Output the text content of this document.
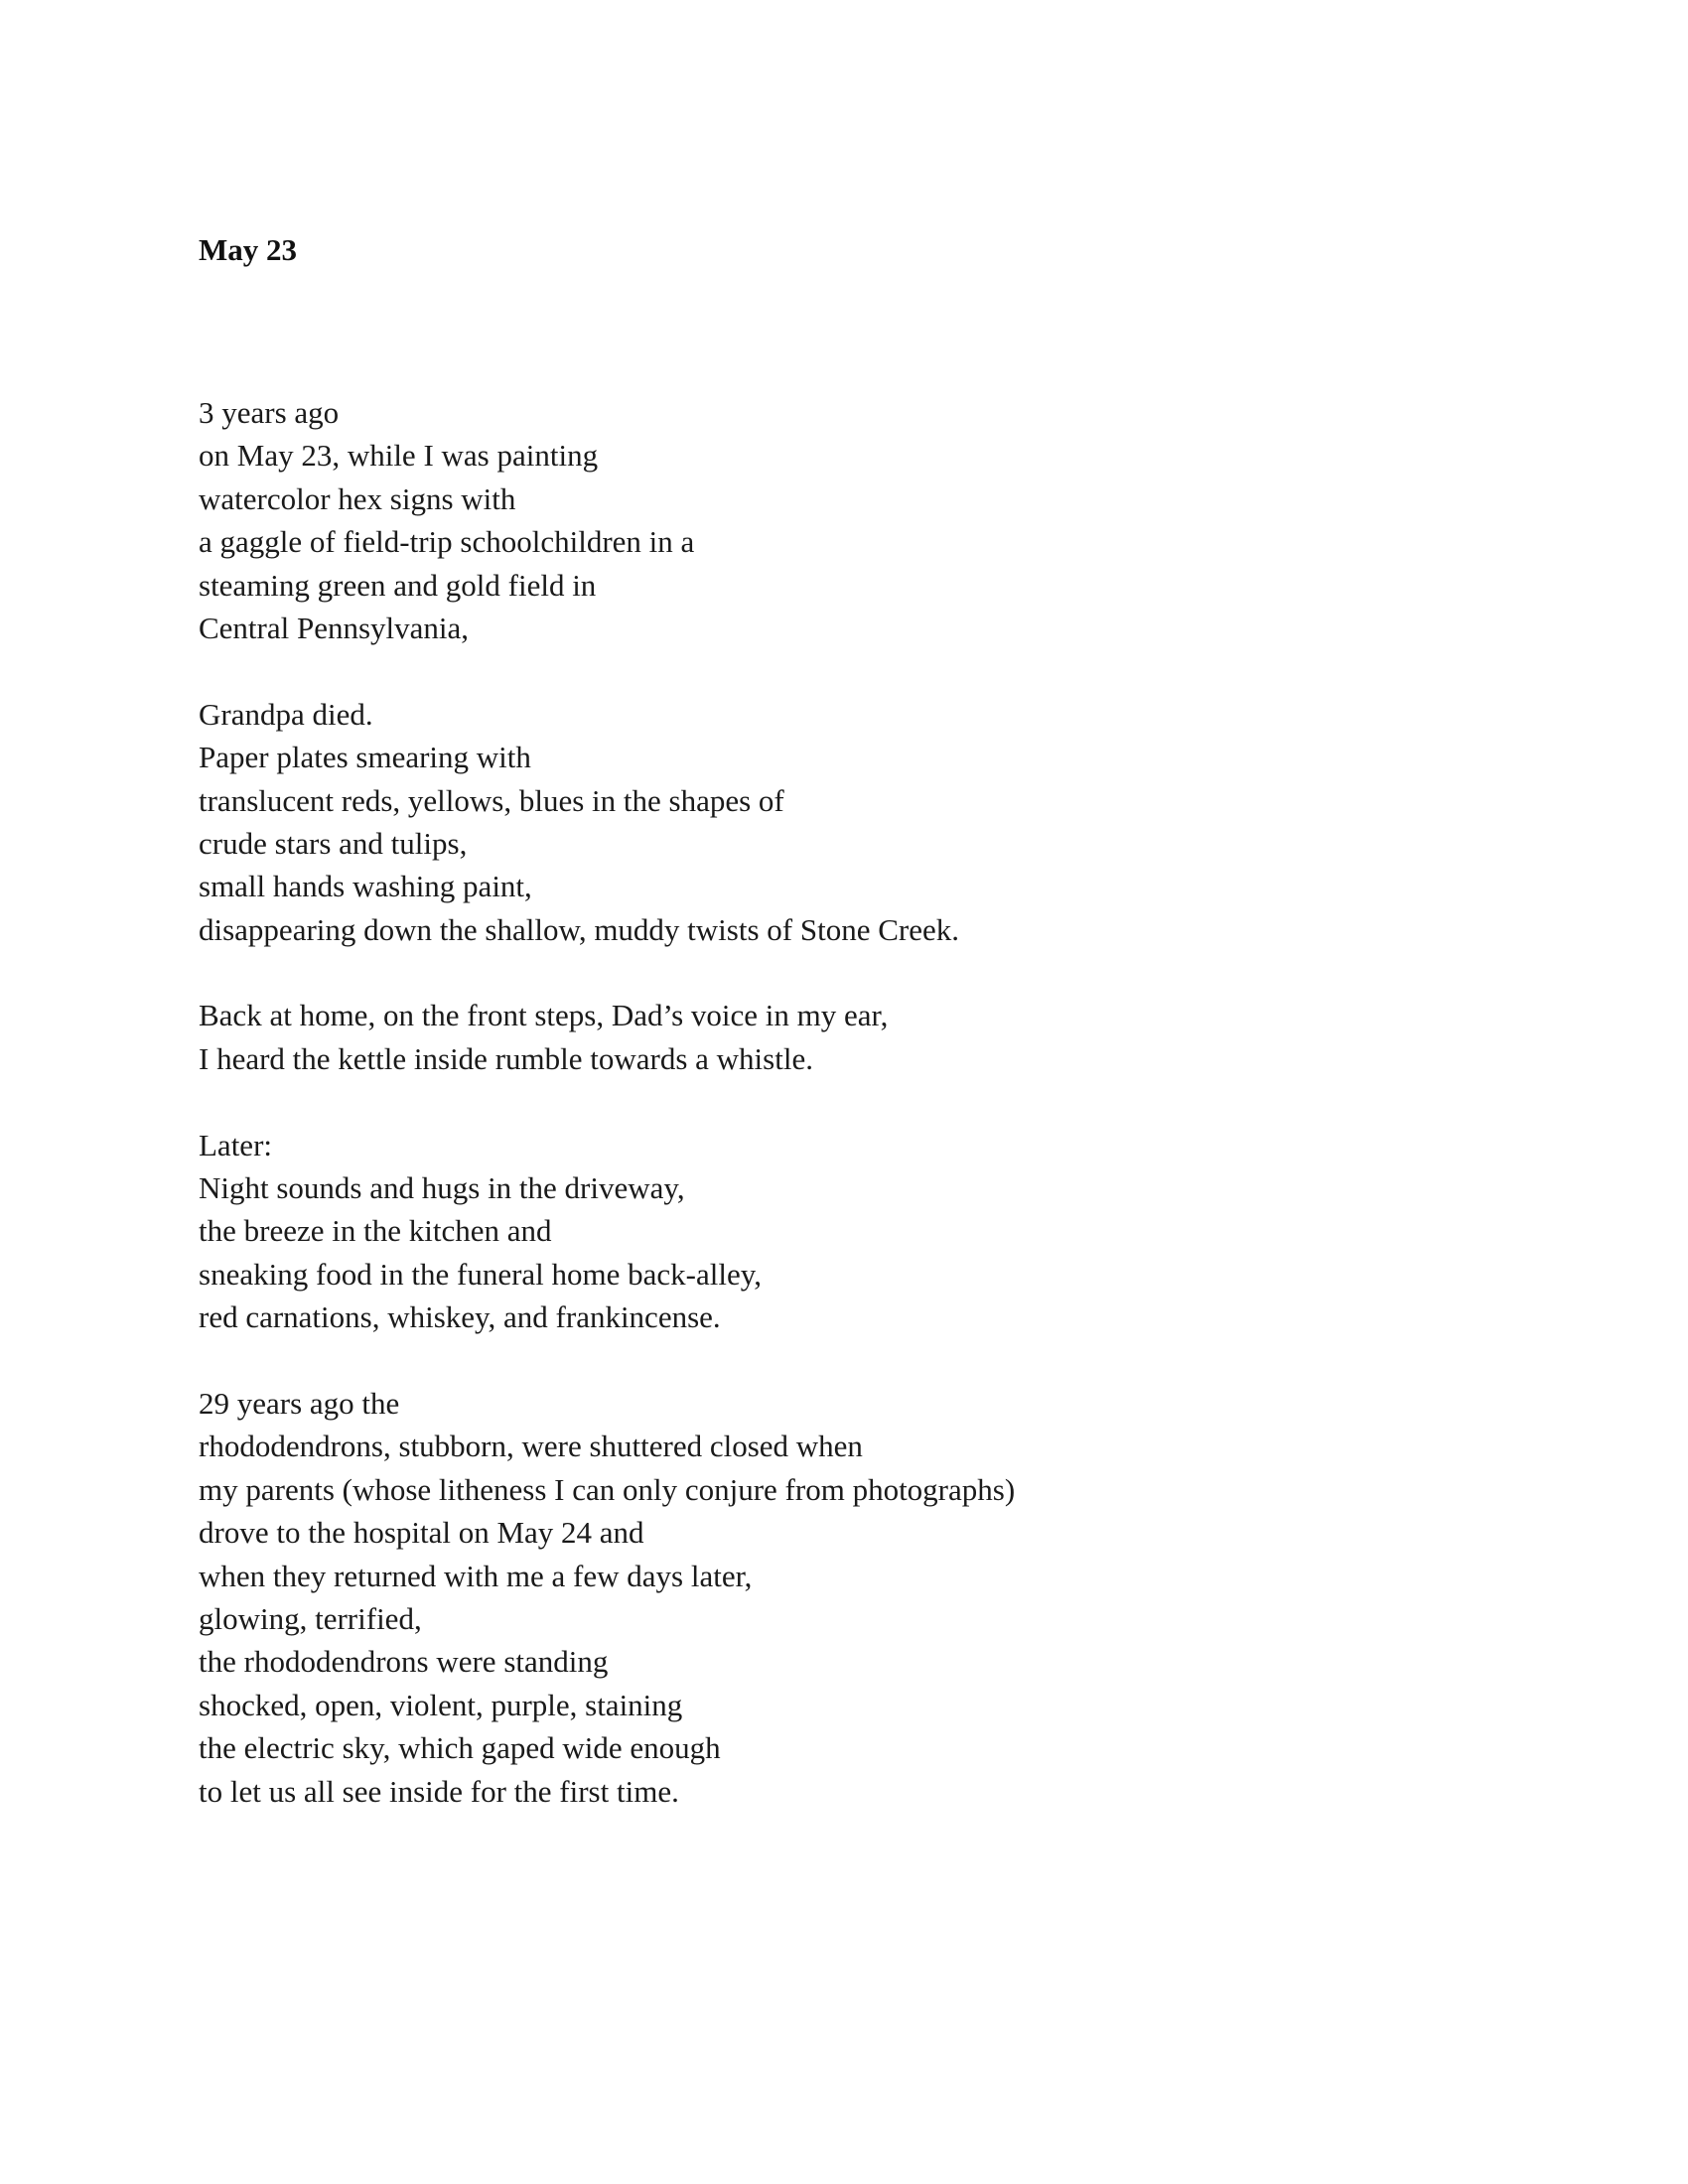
May 23
3 years ago
on May 23, while I was painting
watercolor hex signs with
a gaggle of field-trip schoolchildren in a
steaming green and gold field in
Central Pennsylvania,
Grandpa died.
Paper plates smearing with
translucent reds, yellows, blues in the shapes of
crude stars and tulips,
small hands washing paint,
disappearing down the shallow, muddy twists of Stone Creek.
Back at home, on the front steps, Dad’s voice in my ear,
I heard the kettle inside rumble towards a whistle.
Later:
Night sounds and hugs in the driveway,
the breeze in the kitchen and
sneaking food in the funeral home back-alley,
red carnations, whiskey, and frankincense.
29 years ago the
rhododendrons, stubborn, were shuttered closed when
my parents (whose litheness I can only conjure from photographs)
drove to the hospital on May 24 and
when they returned with me a few days later,
glowing, terrified,
the rhododendrons were standing
shocked, open, violent, purple, staining
the electric sky, which gaped wide enough
to let us all see inside for the first time.
